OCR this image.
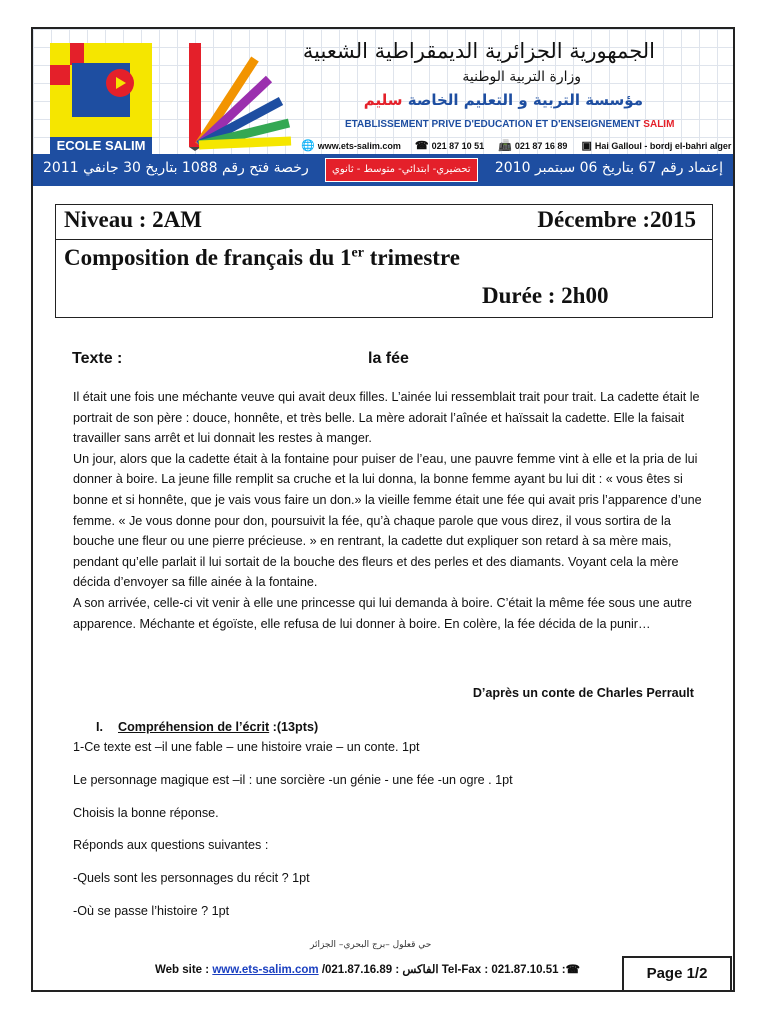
ECOLE SALIM
الجمهورية الجزائرية الديمقراطية الشعبية
وزارة التربية الوطنية
مؤسسة التربية و التعليم الخاصة سليم
ETABLISSEMENT PRIVE D'EDUCATION ET D'ENSEIGNEMENT SALIM
🌐 www.ets-salim.com ☎ 021 87 10 51 📠 021 87 16 89 ▣ Hai Galloul - bordj el-bahri alger
رخصة فتح رقم 1088 بتاريخ 30 جانفي 2011	تحضيري- ابتدائي- متوسط - ثانوي	إعتماد رقم 67 بتاريخ 06 سبتمبر 2010
Niveau : 2AM	Décembre :2015
Composition de français du 1er trimestre
Durée : 2h00
Texte :	la fée
Il était une fois une méchante veuve qui avait deux filles. L’ainée lui ressemblait trait pour trait. La cadette était le portrait de son père : douce, honnête, et très belle. La mère adorait l’aînée et haïssait la cadette. Elle la faisait travailler sans arrêt et lui donnait les restes à manger.
Un jour, alors que la cadette était à la fontaine pour puiser de l’eau, une pauvre femme vint à elle et la pria de lui donner à boire. La jeune fille remplit sa cruche et la lui donna, la bonne femme ayant bu lui dit : « vous êtes si bonne et si honnête, que je vais vous faire un don.» la vieille femme était une fée qui avait pris l’apparence d’une femme. « Je vous donne pour don, poursuivit la fée, qu’à chaque parole que vous direz, il vous sortira de la bouche une fleur ou une pierre précieuse. » en rentrant, la cadette dut expliquer son retard à sa mère mais, pendant qu’elle parlait il lui sortait de la bouche des fleurs et des perles et des diamants. Voyant cela la mère décida d’envoyer sa fille ainée à la fontaine.
A son arrivée, celle-ci vit venir à elle une princesse qui lui demanda à boire. C’était la même fée sous une autre apparence. Méchante et égoïste, elle refusa de lui donner à boire. En colère, la fée décida de la punir…
D’après un conte de Charles Perrault
I. Compréhension de l’écrit :(13pts)
1-Ce texte est –il une fable – une histoire vraie – un conte. 1pt
Le personnage magique est –il : une sorcière -un génie - une fée -un ogre . 1pt
Choisis la bonne réponse.
Réponds aux questions suivantes :
-Quels sont les personnages du récit ? 1pt
-Où se passe l’histoire ? 1pt
حي قعلول –برج البحري– الجزائر
Web site : www.ets-salim.com /021.87.16.89 : الفاكس Tel-Fax : 021.87.10.51 :☎	Page 1/2
